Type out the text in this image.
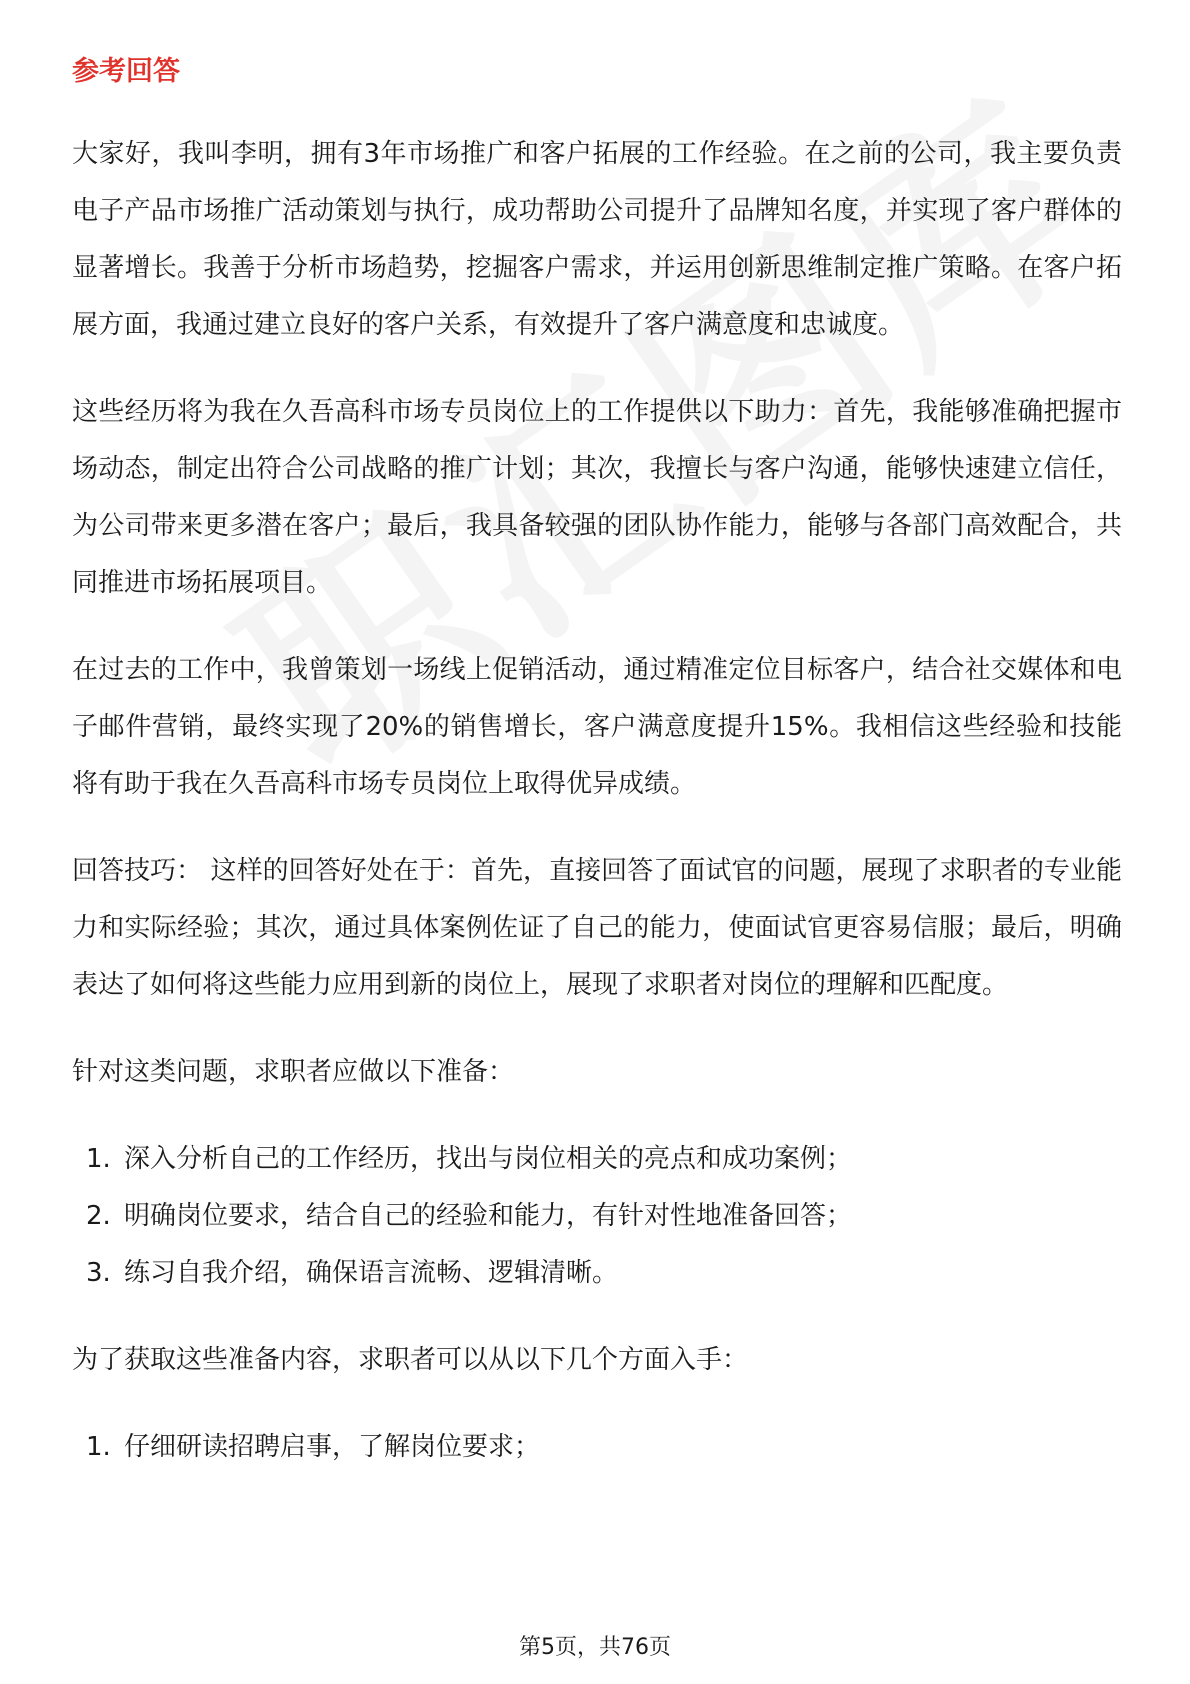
参考回答

大家好，我叫李明，拥有3年市场推广和客户拓展的工作经验。在之前的公司，我主要负责电子产品市场推广活动策划与执行，成功帮助公司提升了品牌知名度，并实现了客户群体的显著增长。我善于分析市场趋势，挖掘客户需求，并运用创新思维制定推广策略。在客户拓展方面，我通过建立良好的客户关系，有效提升了客户满意度和忠诚度。

这些经历将为我在久吾高科市场专员岗位上的工作提供以下助力：首先，我能够准确把握市场动态，制定出符合公司战略的推广计划；其次，我擅长与客户沟通，能够快速建立信任，为公司带来更多潜在客户；最后，我具备较强的团队协作能力，能够与各部门高效配合，共同推进市场拓展项目。

在过去的工作中，我曾策划一场线上促销活动，通过精准定位目标客户，结合社交媒体和电子邮件营销，最终实现了20%的销售增长，客户满意度提升15%。我相信这些经验和技能将有助于我在久吾高科市场专员岗位上取得优异成绩。

回答技巧： 这样的回答好处在于：首先，直接回答了面试官的问题，展现了求职者的专业能力和实际经验；其次，通过具体案例佐证了自己的能力，使面试官更容易信服；最后，明确表达了如何将这些能力应用到新的岗位上，展现了求职者对岗位的理解和匹配度。

针对这类问题，求职者应做以下准备：

1. 深入分析自己的工作经历，找出与岗位相关的亮点和成功案例；
2. 明确岗位要求，结合自己的经验和能力，有针对性地准备回答；
3. 练习自我介绍，确保语言流畅、逻辑清晰。

为了获取这些准备内容，求职者可以从以下几个方面入手：

1. 仔细研读招聘启事，了解岗位要求；
第5页，共76页
